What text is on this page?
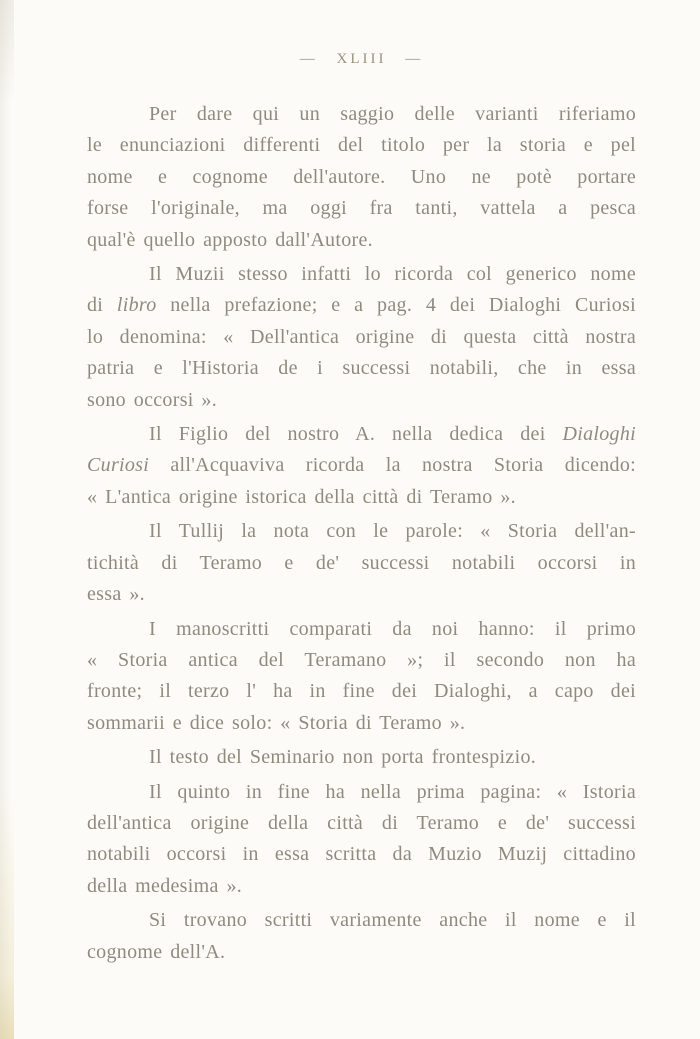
— XLIII —
Per dare qui un saggio delle varianti riferiamo
le enunciazioni differenti del titolo per la storia e pel
nome e cognome dell'autore. Uno ne potè portare
forse l'originale, ma oggi fra tanti, vattela a pesca
qual'è quello apposto dall'Autore.
Il Muzii stesso infatti lo ricorda col generico nome
di libro nella prefazione; e a pag. 4 dei Dialoghi Curiosi
lo denomina: « Dell'antica origine di questa città nostra
patria e l'Historia de i successi notabili, che in essa
sono occorsi ».
Il Figlio del nostro A. nella dedica dei Dialoghi
Curiosi all'Acquaviva ricorda la nostra Storia dicendo:
« L'antica origine istorica della città di Teramo ».
Il Tullij la nota con le parole: « Storia dell'an-
tichità di Teramo e de' successi notabili occorsi in
essa ».
I manoscritti comparati da noi hanno: il primo
« Storia antica del Teramano »; il secondo non ha
fronte; il terzo l' ha in fine dei Dialoghi, a capo dei
sommarii e dice solo: « Storia di Teramo ».
Il testo del Seminario non porta frontespizio.
Il quinto in fine ha nella prima pagina: « Istoria
dell'antica origine della città di Teramo e de' successi
notabili occorsi in essa scritta da Muzio Muzij cittadino
della medesima ».
Si trovano scritti variamente anche il nome e il
cognome dell'A.
